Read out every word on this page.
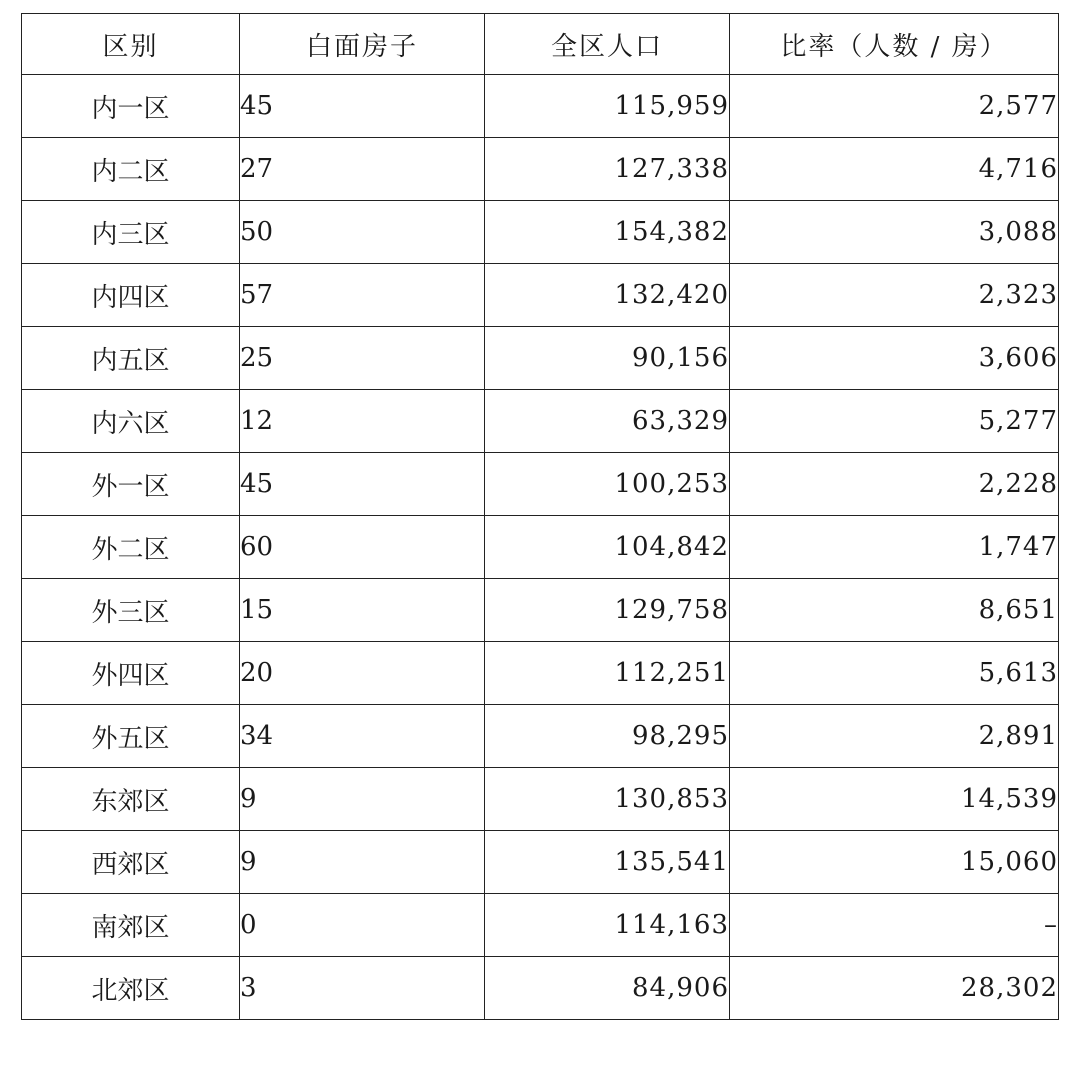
区别	白面房子	全区人口	比率（人数 / 房）
内一区	45	115,959	2,577
内二区	27	127,338	4,716
内三区	50	154,382	3,088
内四区	57	132,420	2,323
内五区	25	90,156	3,606
内六区	12	63,329	5,277
外一区	45	100,253	2,228
外二区	60	104,842	1,747
外三区	15	129,758	8,651
外四区	20	112,251	5,613
外五区	34	98,295	2,891
东郊区	9	130,853	14,539
西郊区	9	135,541	15,060
南郊区	0	114,163	–
北郊区	3	84,906	28,302
